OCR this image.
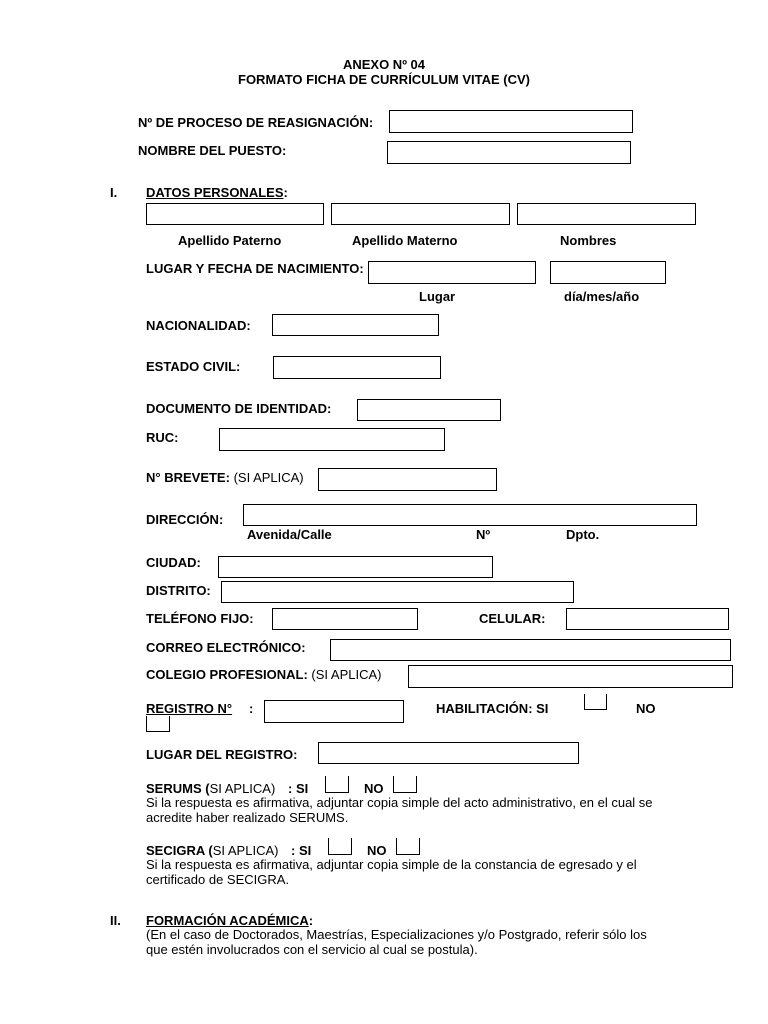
ANEXO Nº 04
FORMATO FICHA DE CURRÍCULUM VITAE (CV)
Nº DE PROCESO DE REASIGNACIÓN:
NOMBRE DEL PUESTO:
I. DATOS PERSONALES:
Apellido Paterno	Apellido Materno	Nombres
LUGAR Y FECHA DE NACIMIENTO:
Lugar	día/mes/año
NACIONALIDAD:
ESTADO CIVIL:
DOCUMENTO DE IDENTIDAD:
RUC:
N° BREVETE: (SI APLICA)
DIRECCIÓN:
Avenida/Calle	Nº	Dpto.
CIUDAD:
DISTRITO:
TELÉFONO FIJO:	CELULAR:
CORREO ELECTRÓNICO:
COLEGIO PROFESIONAL: (SI APLICA)
REGISTRO N° :	HABILITACIÓN: SI	NO
LUGAR DEL REGISTRO:
SERUMS (SI APLICA) : SI	NO
Si la respuesta es afirmativa, adjuntar copia simple del acto administrativo, en el cual se acredite haber realizado SERUMS.
SECIGRA (SI APLICA) : SI	NO
Si la respuesta es afirmativa, adjuntar copia simple de la constancia de egresado y el certificado de SECIGRA.
II. FORMACIÓN ACADÉMICA:
(En el caso de Doctorados, Maestrías, Especializaciones y/o Postgrado, referir sólo los que estén involucrados con el servicio al cual se postula).
